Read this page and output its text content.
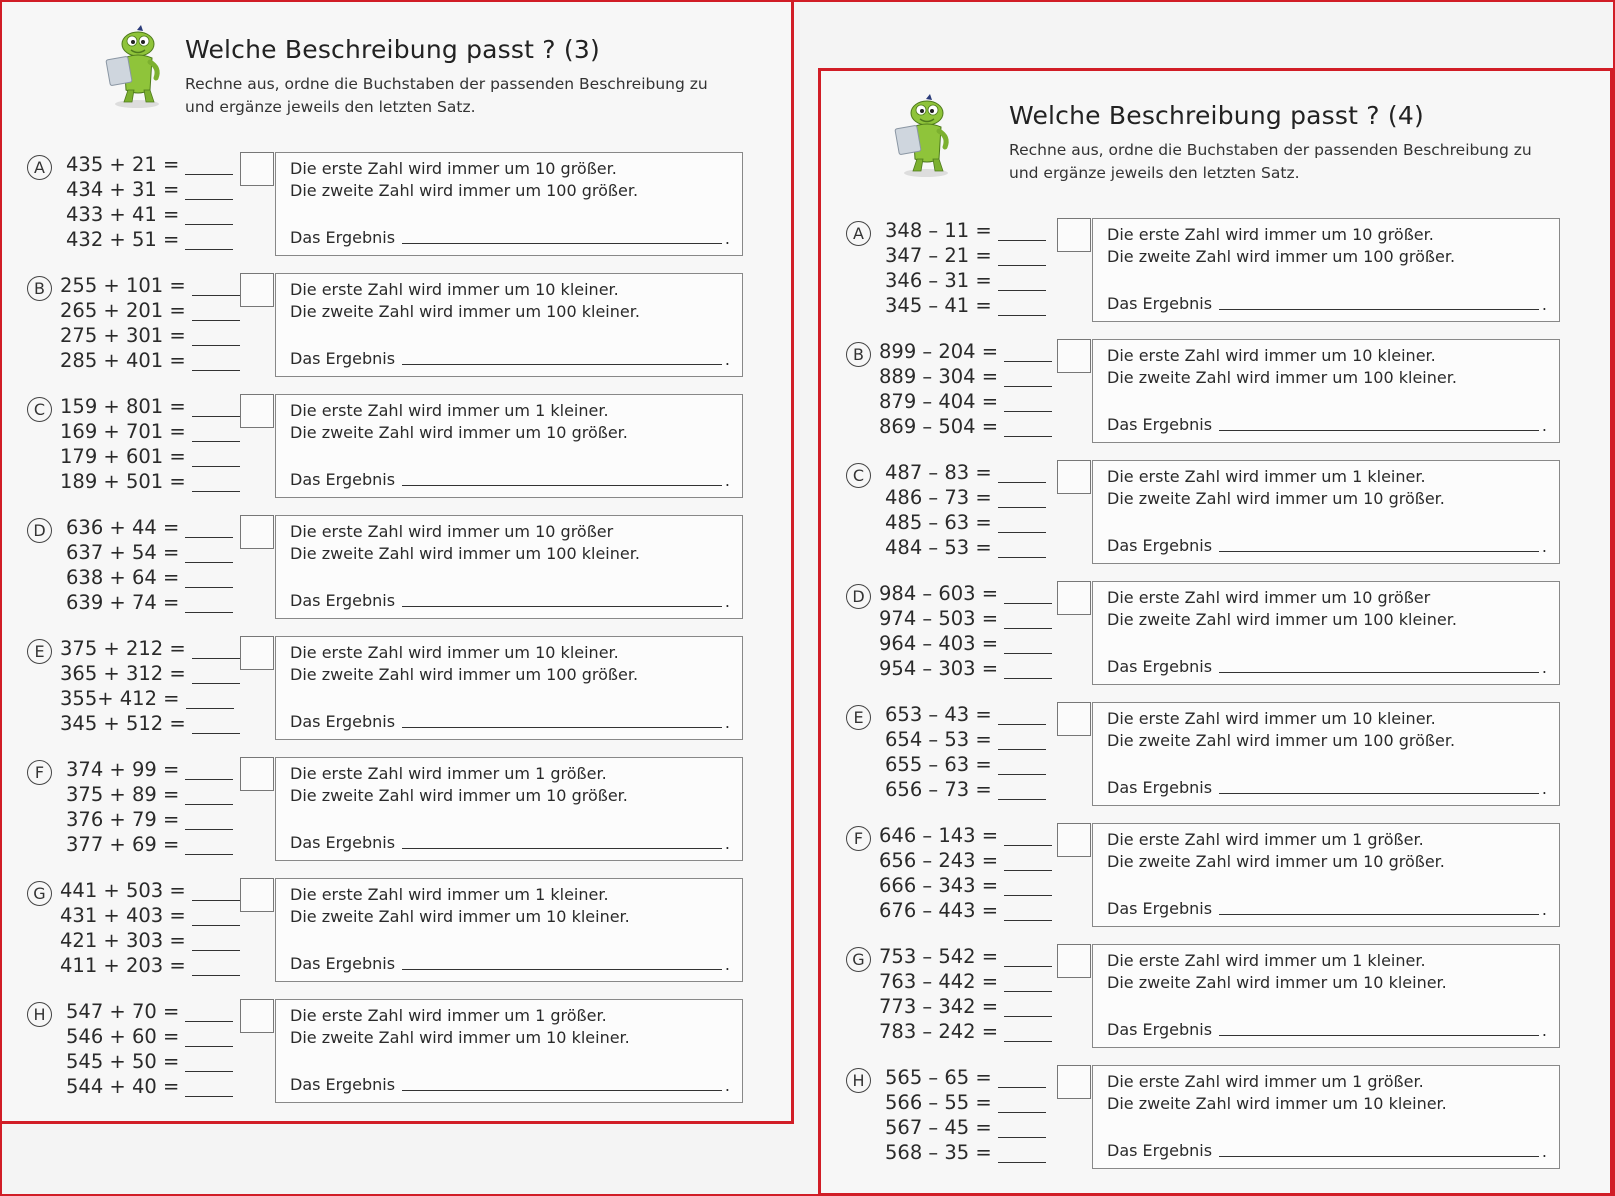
Welche Beschreibung passt ? (3)
Rechne aus, ordne die Buchstaben der passenden Beschreibung zu
und ergänze jeweils den letzten Satz.
A	435 + 21 =
434 + 31 =
433 + 41 =
432 + 51 =
Die erste Zahl wird immer um 10 größer.
Die zweite Zahl wird immer um 100 größer.
Das Ergebnis	.
B 255 + 101 =
265 + 201 =
275 + 301 =
285 + 401 =
Die erste Zahl wird immer um 10 kleiner.
Die zweite Zahl wird immer um 100 kleiner.
Das Ergebnis	.
C 159 + 801 =
169 + 701 =
179 + 601 =
189 + 501 =
Die erste Zahl wird immer um 1 kleiner.
Die zweite Zahl wird immer um 10 größer.
Das Ergebnis	.
D	636 + 44 =
637 + 54 =
638 + 64 =
639 + 74 =
Die erste Zahl wird immer um 10 größer
Die zweite Zahl wird immer um 100 kleiner.
Das Ergebnis	.
E 375 + 212 =
365 + 312 =
355+ 412 =
345 + 512 =
Die erste Zahl wird immer um 10 kleiner.
Die zweite Zahl wird immer um 100 größer.
Das Ergebnis	.
F	374 + 99 =
375 + 89 =
376 + 79 =
377 + 69 =
Die erste Zahl wird immer um 1 größer.
Die zweite Zahl wird immer um 10 größer.
Das Ergebnis	.
G 441 + 503 =
431 + 403 =
421 + 303 =
411 + 203 =
Die erste Zahl wird immer um 1 kleiner.
Die zweite Zahl wird immer um 10 kleiner.
Das Ergebnis	.
H	547 + 70 =
546 + 60 =
545 + 50 =
544 + 40 =
Die erste Zahl wird immer um 1 größer.
Die zweite Zahl wird immer um 10 kleiner.
Das Ergebnis	.
Welche Beschreibung passt ? (4)
Rechne aus, ordne die Buchstaben der passenden Beschreibung zu
und ergänze jeweils den letzten Satz.
A	348 – 11 =
347 – 21 =
346 – 31 =
345 – 41 =
Die erste Zahl wird immer um 10 größer.
Die zweite Zahl wird immer um 100 größer.
Das Ergebnis	.
B 899 – 204 =
889 – 304 =
879 – 404 =
869 – 504 =
Die erste Zahl wird immer um 10 kleiner.
Die zweite Zahl wird immer um 100 kleiner.
Das Ergebnis	.
C	487 – 83 =
486 – 73 =
485 – 63 =
484 – 53 =
Die erste Zahl wird immer um 1 kleiner.
Die zweite Zahl wird immer um 10 größer.
Das Ergebnis	.
D 984 – 603 =
974 – 503 =
964 – 403 =
954 – 303 =
Die erste Zahl wird immer um 10 größer
Die zweite Zahl wird immer um 100 kleiner.
Das Ergebnis	.
E	653 – 43 =
654 – 53 =
655 – 63 =
656 – 73 =
Die erste Zahl wird immer um 10 kleiner.
Die zweite Zahl wird immer um 100 größer.
Das Ergebnis	.
F 646 – 143 =
656 – 243 =
666 – 343 =
676 – 443 =
Die erste Zahl wird immer um 1 größer.
Die zweite Zahl wird immer um 10 größer.
Das Ergebnis	.
G 753 – 542 =
763 – 442 =
773 – 342 =
783 – 242 =
Die erste Zahl wird immer um 1 kleiner.
Die zweite Zahl wird immer um 10 kleiner.
Das Ergebnis	.
H	565 – 65 =
566 – 55 =
567 – 45 =
568 – 35 =
Die erste Zahl wird immer um 1 größer.
Die zweite Zahl wird immer um 10 kleiner.
Das Ergebnis	.
